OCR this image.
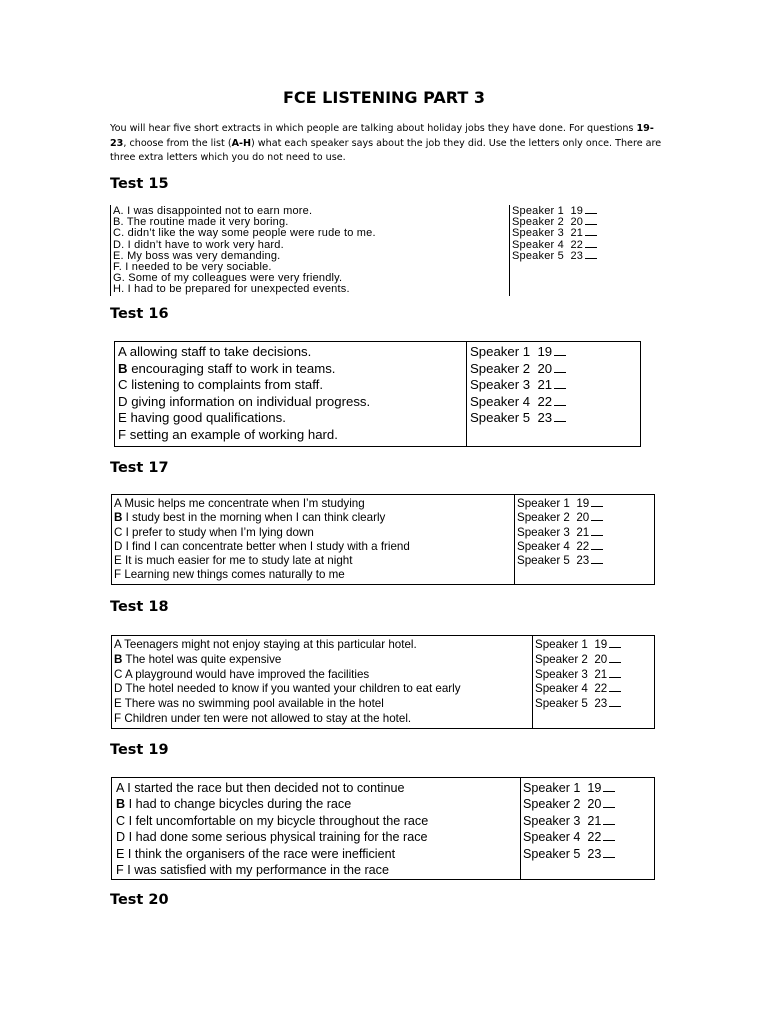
FCE LISTENING PART 3
You will hear five short extracts in which people are talking about holiday jobs they have done. For questions 19-23, choose from the list (A-H) what each speaker says about the job they did. Use the letters only once. There are three extra letters which you do not need to use.
Test 15
A. I was disappointed not to earn more.
B. The routine made it very boring.
C. didn’t like the way some people were rude to me.
D. I didn’t have to work very hard.
E. My boss was very demanding.
F. I needed to be very sociable.
G. Some of my colleagues were very friendly.
H. I had to be prepared for unexpected events.

Speaker 1 19
Speaker 2 20
Speaker 3 21
Speaker 4 22
Speaker 5 23
Test 16
A allowing staff to take decisions.
B encouraging staff to work in teams.
C listening to complaints from staff.
D giving information on individual progress.
E having good qualifications.
F setting an example of working hard.

Speaker 1 19
Speaker 2 20
Speaker 3 21
Speaker 4 22
Speaker 5 23
Test 17
A Music helps me concentrate when I’m studying
B I study best in the morning when I can think clearly
C I prefer to study when I’m lying down
D I find I can concentrate better when I study with a friend
E It is much easier for me to study late at night
F Learning new things comes naturally to me

Speaker 1 19
Speaker 2 20
Speaker 3 21
Speaker 4 22
Speaker 5 23
Test 18
A Teenagers might not enjoy staying at this particular hotel.
B The hotel was quite expensive
C A playground would have improved the facilities
D The hotel needed to know if you wanted your children to eat early
E There was no swimming pool available in the hotel
F Children under ten were not allowed to stay at the hotel.

Speaker 1 19
Speaker 2 20
Speaker 3 21
Speaker 4 22
Speaker 5 23
Test 19
A I started the race but then decided not to continue
B I had to change bicycles during the race
C I felt uncomfortable on my bicycle throughout the race
D I had done some serious physical training for the race
E I think the organisers of the race were inefficient
F I was satisfied with my performance in the race

Speaker 1 19
Speaker 2 20
Speaker 3 21
Speaker 4 22
Speaker 5 23
Test 20
